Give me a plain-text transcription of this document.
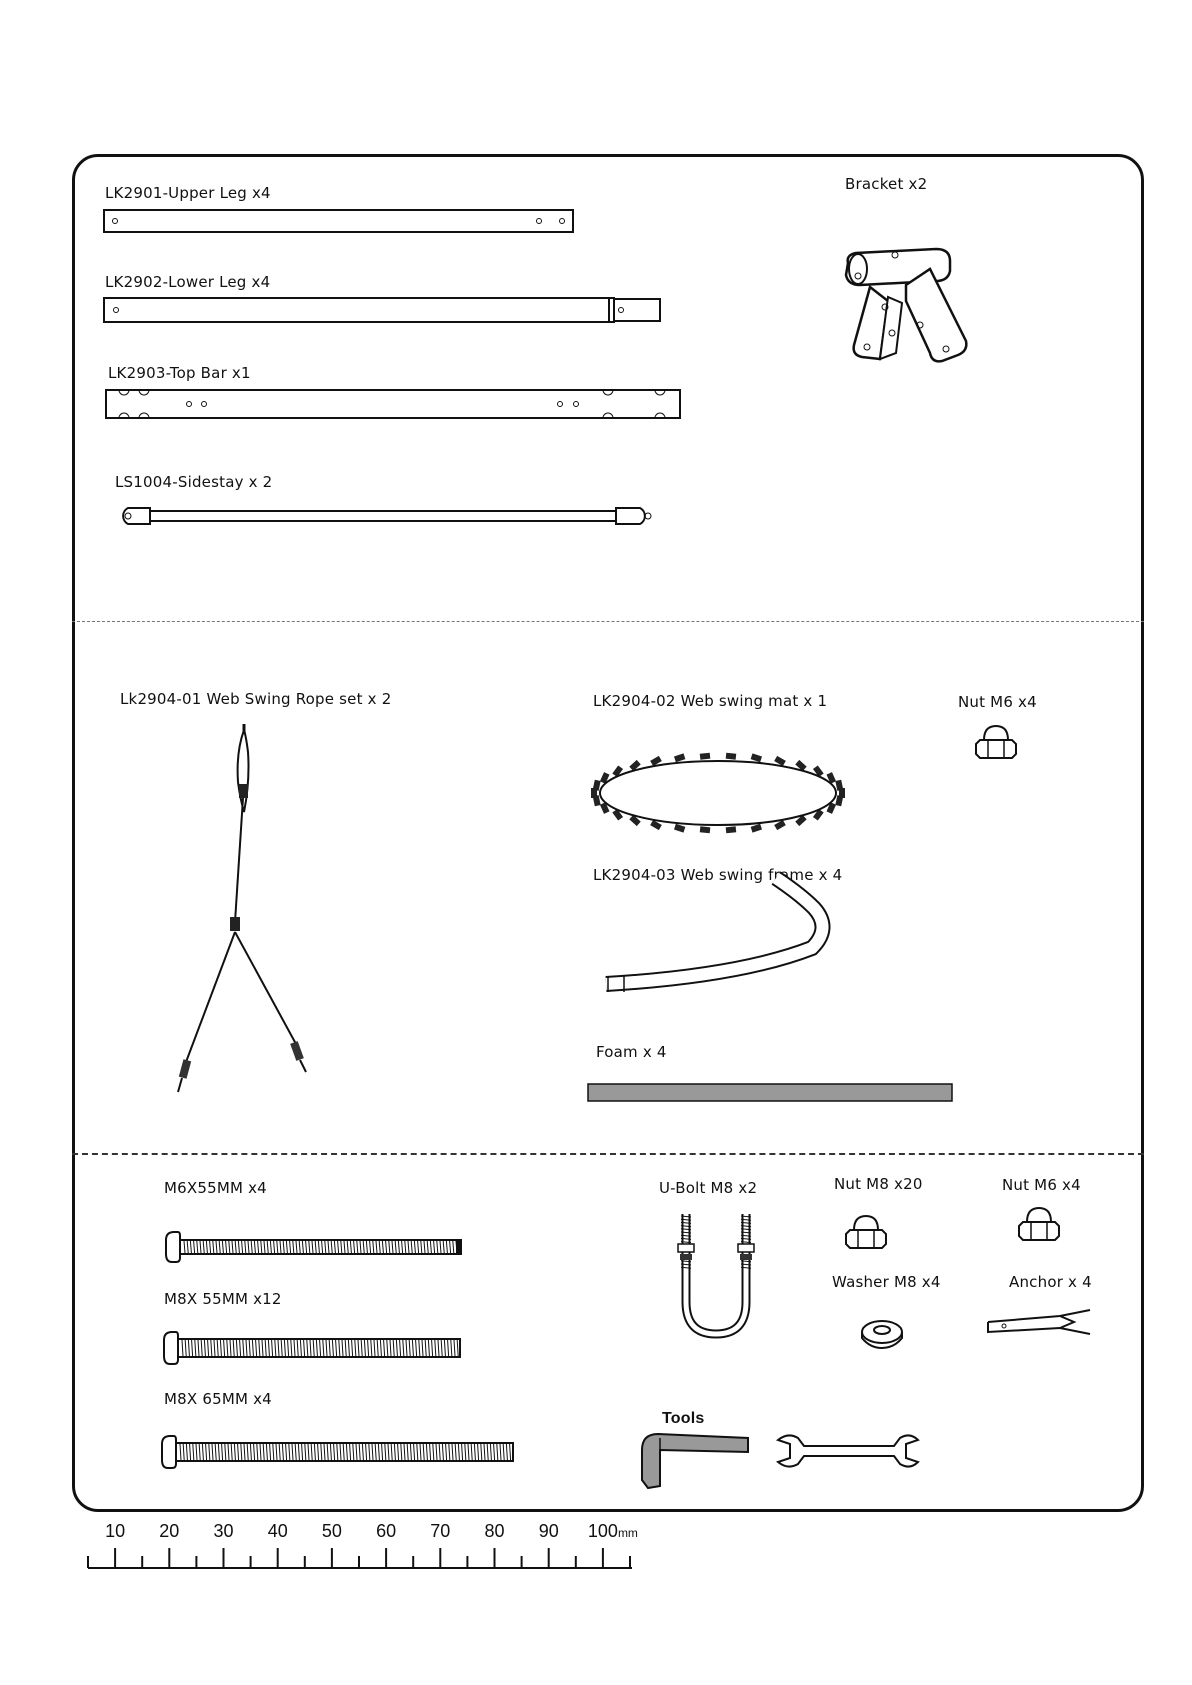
LK2901-Upper Leg x4
LK2902-Lower Leg x4
LK2903-Top Bar x1
LS1004-Sidestay x 2
Bracket x2
Lk2904-01 Web Swing Rope set x 2	LK2904-02 Web swing mat x 1	Nut M6 x4
LK2904-03 Web swing frame x 4
Foam x 4
M6X55MM x4
M8X 55MM x12
M8X 65MM x4
U-Bolt M8 x2	Nut M8 x20	Nut M6 x4
Washer M8 x4	Anchor x 4
Tools
10 20 30 40 50 60 70 80 90 100mm
